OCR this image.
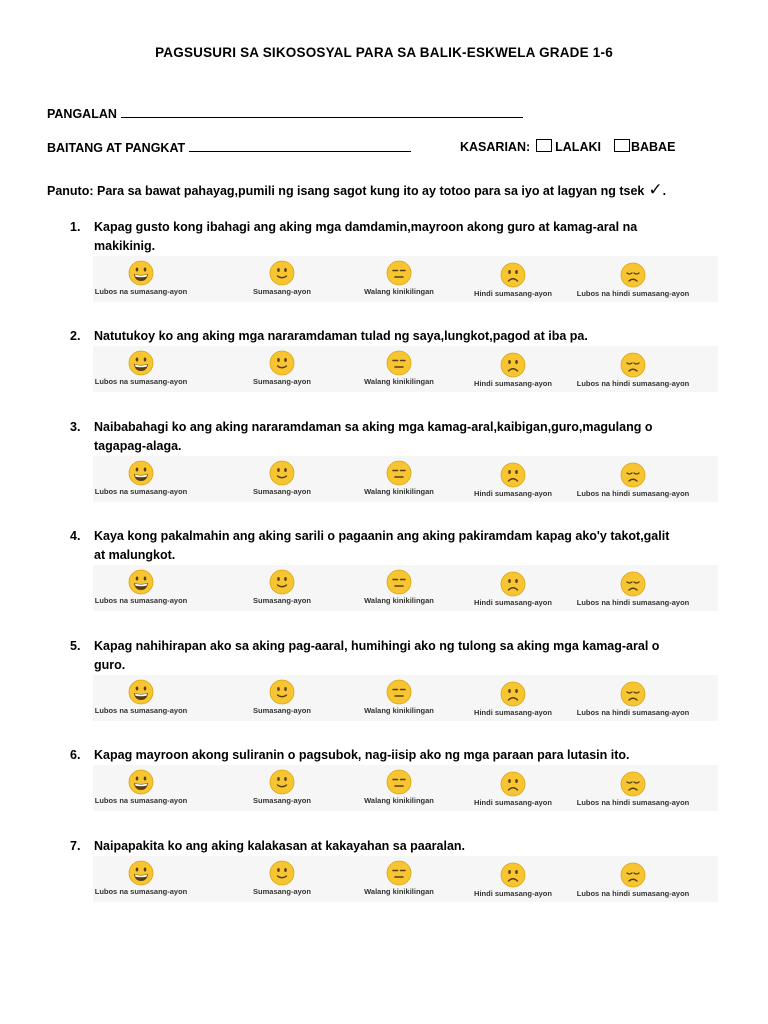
PAGSUSURI SA SIKOSOSYAL PARA SA BALIK-ESKWELA GRADE 1-6
PANGALAN
BAITANG AT PANGKAT	KASARIAN: LALAKI BABAE
Panuto: Para sa bawat pahayag,pumili ng isang sagot kung ito ay totoo para sa iyo at lagyan ng tsek ✓.
1. Kapag gusto kong ibahagi ang aking mga damdamin,mayroon akong guro at kamag-aral na
makikinig.
Lubos na sumasang-ayon	Sumasang-ayon	Walang kinikilingan	Hindi sumasang-ayon	Lubos na hindi sumasang-ayon
2. Natutukoy ko ang aking mga nararamdaman tulad ng saya,lungkot,pagod at iba pa.
Lubos na sumasang-ayon	Sumasang-ayon	Walang kinikilingan	Hindi sumasang-ayon	Lubos na hindi sumasang-ayon
3. Naibabahagi ko ang aking nararamdaman sa aking mga kamag-aral,kaibigan,guro,magulang o
tagapag-alaga.
Lubos na sumasang-ayon	Sumasang-ayon	Walang kinikilingan	Hindi sumasang-ayon	Lubos na hindi sumasang-ayon
4. Kaya kong pakalmahin ang aking sarili o pagaanin ang aking pakiramdam kapag ako'y takot,galit
at malungkot.
Lubos na sumasang-ayon	Sumasang-ayon	Walang kinikilingan	Hindi sumasang-ayon	Lubos na hindi sumasang-ayon
5. Kapag nahihirapan ako sa aking pag-aaral, humihingi ako ng tulong sa aking mga kamag-aral o
guro.
Lubos na sumasang-ayon	Sumasang-ayon	Walang kinikilingan	Hindi sumasang-ayon	Lubos na hindi sumasang-ayon
6. Kapag mayroon akong suliranin o pagsubok, nag-iisip ako ng mga paraan para lutasin ito.
Lubos na sumasang-ayon	Sumasang-ayon	Walang kinikilingan	Hindi sumasang-ayon	Lubos na hindi sumasang-ayon
7. Naipapakita ko ang aking kalakasan at kakayahan sa paaralan.
Lubos na sumasang-ayon	Sumasang-ayon	Walang kinikilingan	Hindi sumasang-ayon	Lubos na hindi sumasang-ayon
